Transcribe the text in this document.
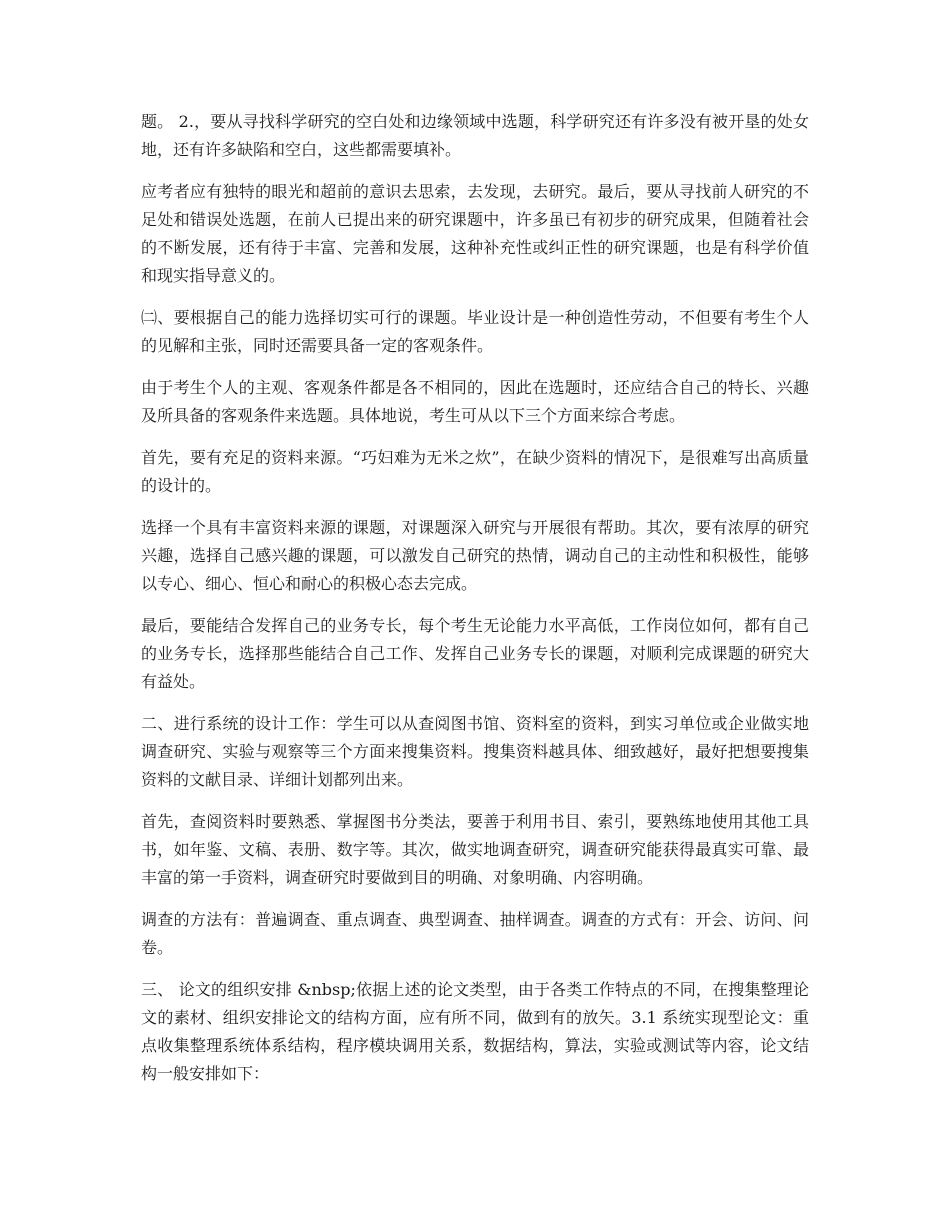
题。 2.，要从寻找科学研究的空白处和边缘领域中选题，科学研究还有许多没有被开垦的处女地，还有许多缺陷和空白，这些都需要填补。

应考者应有独特的眼光和超前的意识去思索，去发现，去研究。最后，要从寻找前人研究的不足处和错误处选题，在前人已提出来的研究课题中，许多虽已有初步的研究成果，但随着社会的不断发展，还有待于丰富、完善和发展，这种补充性或纠正性的研究课题，也是有科学价值和现实指导意义的。

㈡、要根据自己的能力选择切实可行的课题。毕业设计是一种创造性劳动，不但要有考生个人的见解和主张，同时还需要具备一定的客观条件。

由于考生个人的主观、客观条件都是各不相同的，因此在选题时，还应结合自己的特长、兴趣及所具备的客观条件来选题。具体地说，考生可从以下三个方面来综合考虑。

首先，要有充足的资料来源。“巧妇难为无米之炊”，在缺少资料的情况下，是很难写出高质量的设计的。

选择一个具有丰富资料来源的课题，对课题深入研究与开展很有帮助。其次，要有浓厚的研究兴趣，选择自己感兴趣的课题，可以激发自己研究的热情，调动自己的主动性和积极性，能够以专心、细心、恒心和耐心的积极心态去完成。

最后，要能结合发挥自己的业务专长，每个考生无论能力水平高低，工作岗位如何，都有自己的业务专长，选择那些能结合自己工作、发挥自己业务专长的课题，对顺利完成课题的研究大有益处。

二、进行系统的设计工作：学生可以从查阅图书馆、资料室的资料，到实习单位或企业做实地调查研究、实验与观察等三个方面来搜集资料。搜集资料越具体、细致越好，最好把想要搜集资料的文献目录、详细计划都列出来。

首先，查阅资料时要熟悉、掌握图书分类法，要善于利用书目、索引，要熟练地使用其他工具书，如年鉴、文稿、表册、数字等。其次，做实地调查研究，调查研究能获得最真实可靠、最丰富的第一手资料，调查研究时要做到目的明确、对象明确、内容明确。

调查的方法有：普遍调查、重点调查、典型调查、抽样调查。调查的方式有：开会、访问、问卷。

三、 论文的组织安排 &nbsp;依据上述的论文类型，由于各类工作特点的不同，在搜集整理论文的素材、组织安排论文的结构方面，应有所不同，做到有的放矢。3.1 系统实现型论文：重点收集整理系统体系结构，程序模块调用关系，数据结构，算法，实验或测试等内容，论文结构一般安排如下：
